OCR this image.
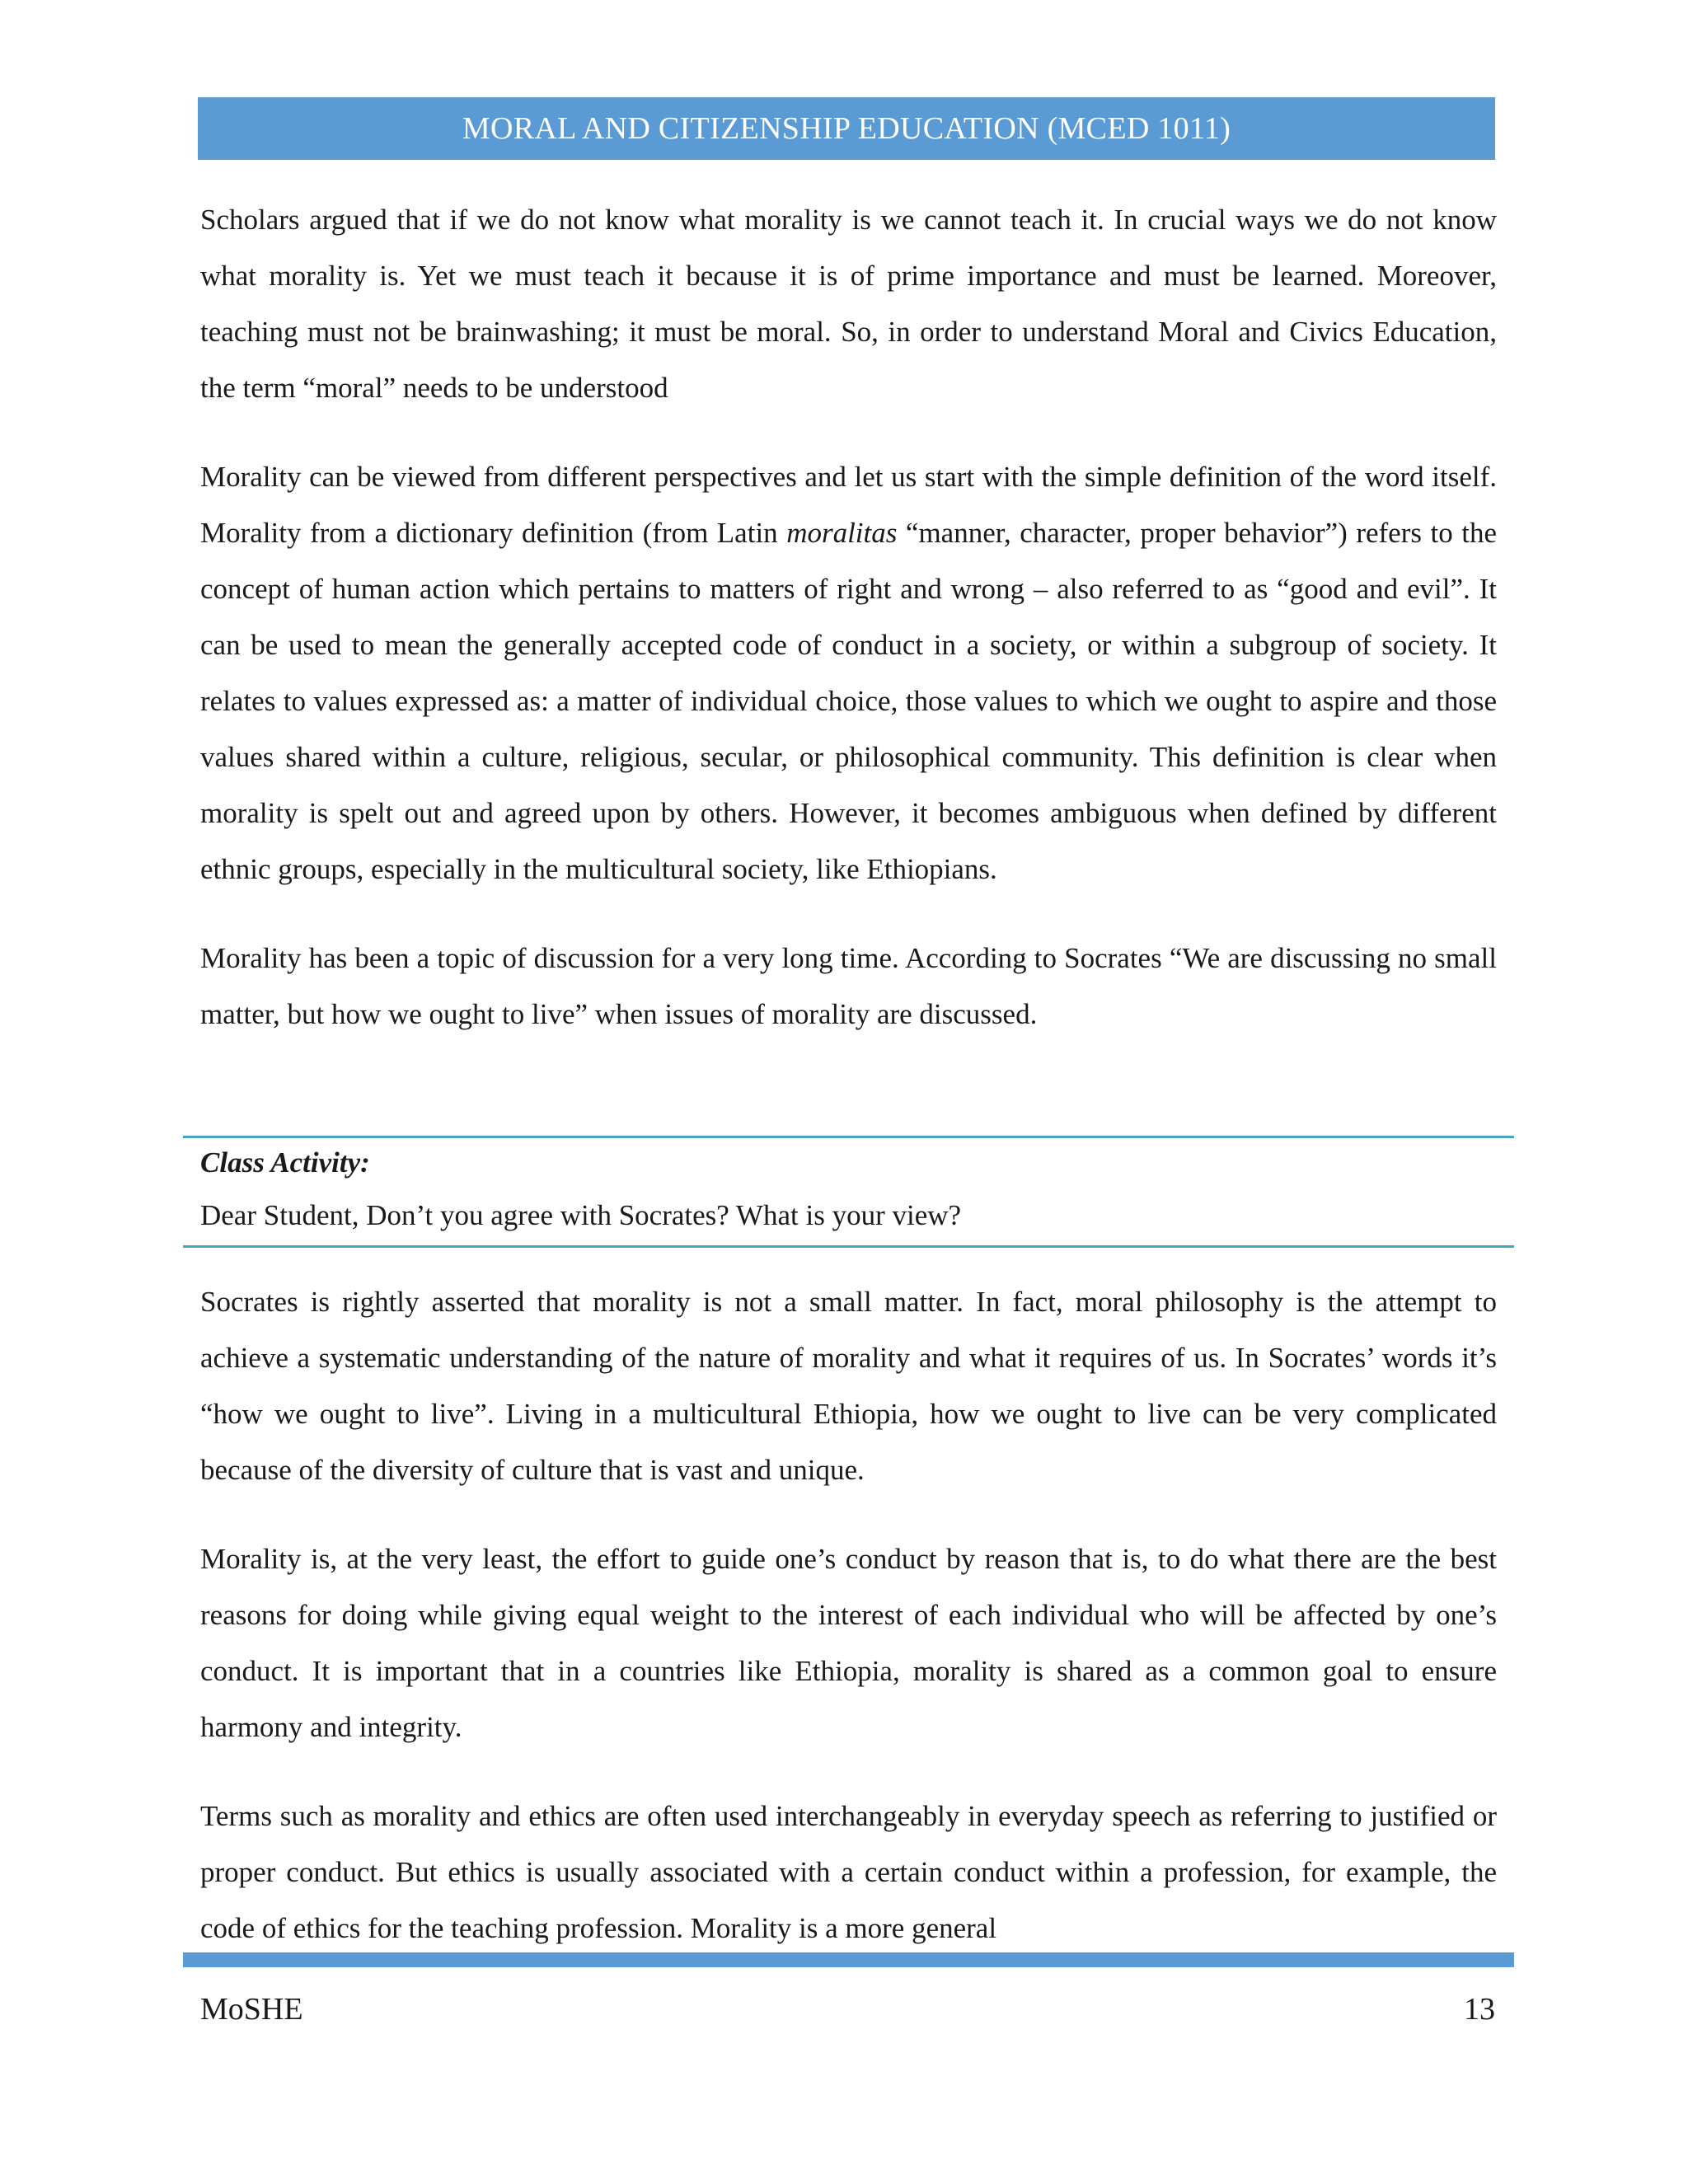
MORAL AND CITIZENSHIP EDUCATION (MCED 1011)

Scholars argued that if we do not know what morality is we cannot teach it. In crucial ways we do not know what morality is. Yet we must teach it because it is of prime importance and must be learned. Moreover, teaching must not be brainwashing; it must be moral. So, in order to understand Moral and Civics Education, the term “moral” needs to be understood

Morality can be viewed from different perspectives and let us start with the simple definition of the word itself. Morality from a dictionary definition (from Latin moralitas “manner, character, proper behavior”) refers to the concept of human action which pertains to matters of right and wrong – also referred to as “good and evil”. It can be used to mean the generally accepted code of conduct in a society, or within a subgroup of society. It relates to values expressed as: a matter of individual choice, those values to which we ought to aspire and those values shared within a culture, religious, secular, or philosophical community. This definition is clear when morality is spelt out and agreed upon by others. However, it becomes ambiguous when defined by different ethnic groups, especially in the multicultural society, like Ethiopians.

Morality has been a topic of discussion for a very long time. According to Socrates “We are discussing no small matter, but how we ought to live” when issues of morality are discussed.

Class Activity:
Dear Student, Don’t you agree with Socrates? What is your view?

Socrates is rightly asserted that morality is not a small matter. In fact, moral philosophy is the attempt to achieve a systematic understanding of the nature of morality and what it requires of us. In Socrates’ words it’s “how we ought to live”. Living in a multicultural Ethiopia, how we ought to live can be very complicated because of the diversity of culture that is vast and unique.

Morality is, at the very least, the effort to guide one’s conduct by reason that is, to do what there are the best reasons for doing while giving equal weight to the interest of each individual who will be affected by one’s conduct. It is important that in a countries like Ethiopia, morality is shared as a common goal to ensure harmony and integrity.

Terms such as morality and ethics are often used interchangeably in everyday speech as referring to justified or proper conduct. But ethics is usually associated with a certain conduct within a profession, for example, the code of ethics for the teaching profession. Morality is a more general

MoSHE	13
